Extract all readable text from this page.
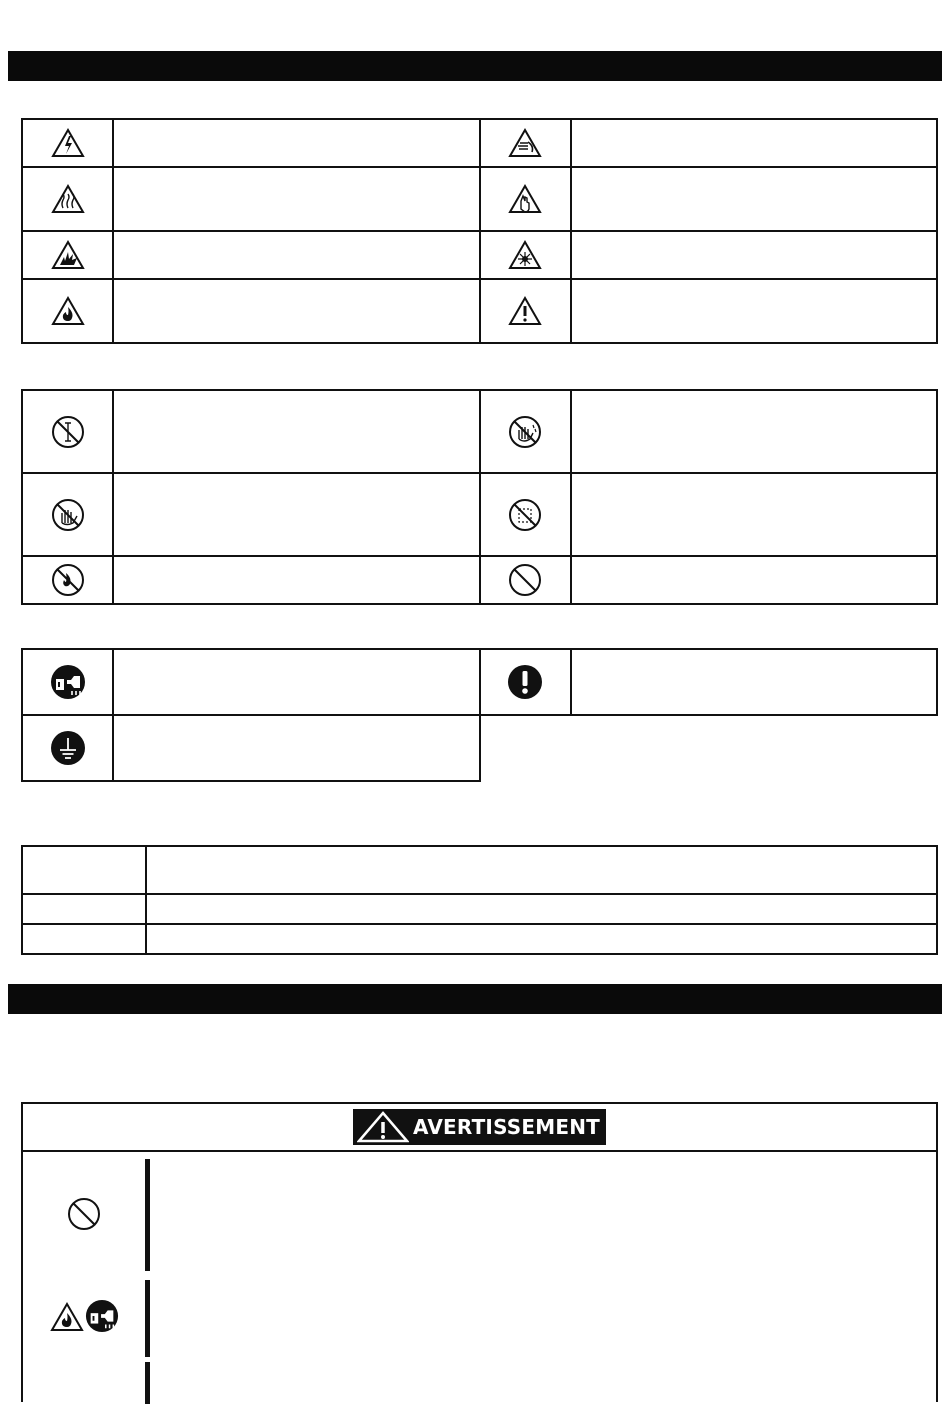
AVERTISSEMENT
